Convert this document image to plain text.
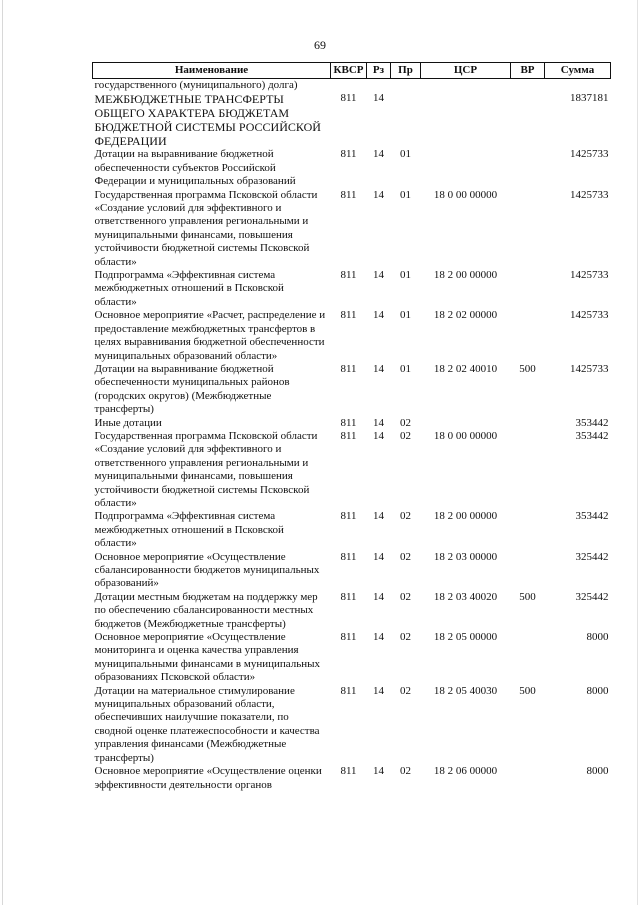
69
Наименование	КВСР	Рз	Пр	ЦСР	ВР	Сумма
государственного (муниципального) долга)						
МЕЖБЮДЖЕТНЫЕ ТРАНСФЕРТЫ ОБЩЕГО ХАРАКТЕРА БЮДЖЕТАМ БЮДЖЕТНОЙ СИСТЕМЫ РОССИЙСКОЙ ФЕДЕРАЦИИ	811	14				1837181
Дотации на выравнивание бюджетной обеспеченности субъектов Российской Федерации и муниципальных образований	811	14	01			1425733
Государственная программа Псковской области «Создание условий для эффективного и ответственного управления региональными и муниципальными финансами, повышения устойчивости бюджетной системы Псковской области»	811	14	01	18 0 00 00000		1425733
Подпрограмма «Эффективная система межбюджетных отношений в Псковской области»	811	14	01	18 2 00 00000		1425733
Основное мероприятие «Расчет, распределение и предоставление межбюджетных трансфертов в целях выравнивания бюджетной обеспеченности муниципальных образований области»	811	14	01	18 2 02 00000		1425733
Дотации на выравнивание бюджетной обеспеченности муниципальных районов (городских округов) (Межбюджетные трансферты)	811	14	01	18 2 02 40010	500	1425733
Иные дотации	811	14	02			353442
Государственная программа Псковской области «Создание условий для эффективного и ответственного управления региональными и муниципальными финансами, повышения устойчивости бюджетной системы Псковской области»	811	14	02	18 0 00 00000		353442
Подпрограмма «Эффективная система межбюджетных отношений в Псковской области»	811	14	02	18 2 00 00000		353442
Основное мероприятие «Осуществление сбалансированности бюджетов муниципальных образований»	811	14	02	18 2 03 00000		325442
Дотации местным бюджетам на поддержку мер по обеспечению сбалансированности местных бюджетов (Межбюджетные трансферты)	811	14	02	18 2 03 40020	500	325442
Основное мероприятие «Осуществление мониторинга и оценка качества управления муниципальными финансами в муниципальных образованиях Псковской области»	811	14	02	18 2 05 00000		8000
Дотации на материальное стимулирование муниципальных образований области, обеспечивших наилучшие показатели, по сводной оценке платежеспособности и качества управления финансами (Межбюджетные трансферты)	811	14	02	18 2 05 40030	500	8000
Основное мероприятие «Осуществление оценки эффективности деятельности органов	811	14	02	18 2 06 00000		8000
